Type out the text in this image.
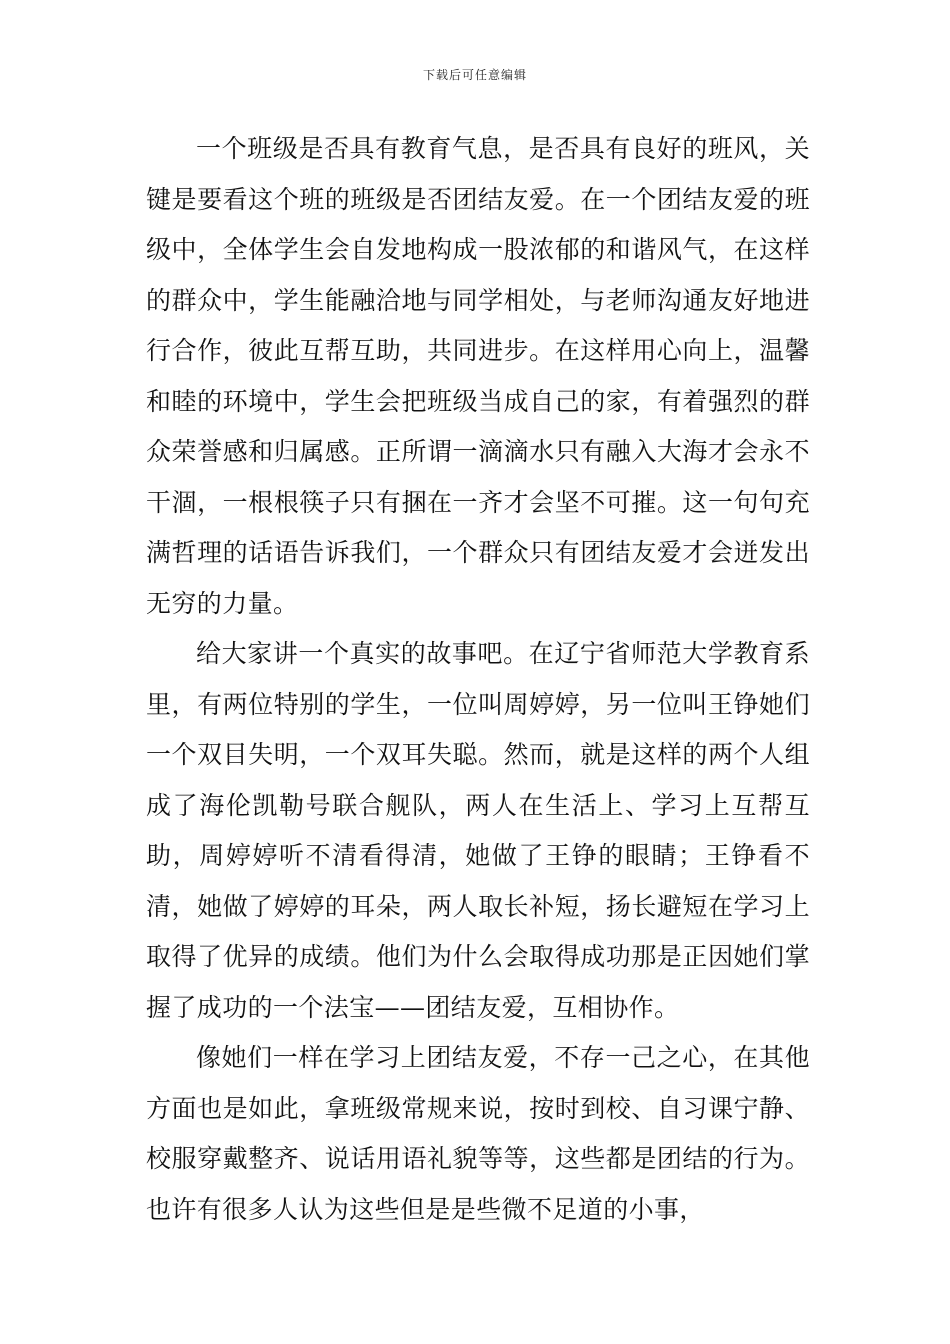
下载后可任意编辑

一个班级是否具有教育气息，是否具有良好的班风，关键是要看这个班的班级是否团结友爱。在一个团结友爱的班级中，全体学生会自发地构成一股浓郁的和谐风气，在这样的群众中，学生能融洽地与同学相处，与老师沟通友好地进行合作，彼此互帮互助，共同进步。在这样用心向上，温馨和睦的环境中，学生会把班级当成自己的家，有着强烈的群众荣誉感和归属感。正所谓一滴滴水只有融入大海才会永不干涸，一根根筷子只有捆在一齐才会坚不可摧。这一句句充满哲理的话语告诉我们，一个群众只有团结友爱才会迸发出无穷的力量。

给大家讲一个真实的故事吧。在辽宁省师范大学教育系里，有两位特别的学生，一位叫周婷婷，另一位叫王铮她们一个双目失明，一个双耳失聪。然而，就是这样的两个人组成了海伦凯勒号联合舰队，两人在生活上、学习上互帮互助，周婷婷听不清看得清，她做了王铮的眼睛；王铮看不清，她做了婷婷的耳朵，两人取长补短，扬长避短在学习上取得了优异的成绩。他们为什么会取得成功那是正因她们掌握了成功的一个法宝——团结友爱，互相协作。

像她们一样在学习上团结友爱，不存一己之心，在其他方面也是如此，拿班级常规来说，按时到校、自习课宁静、校服穿戴整齐、说话用语礼貌等等，这些都是团结的行为。也许有很多人认为这些但是是些微不足道的小事，
